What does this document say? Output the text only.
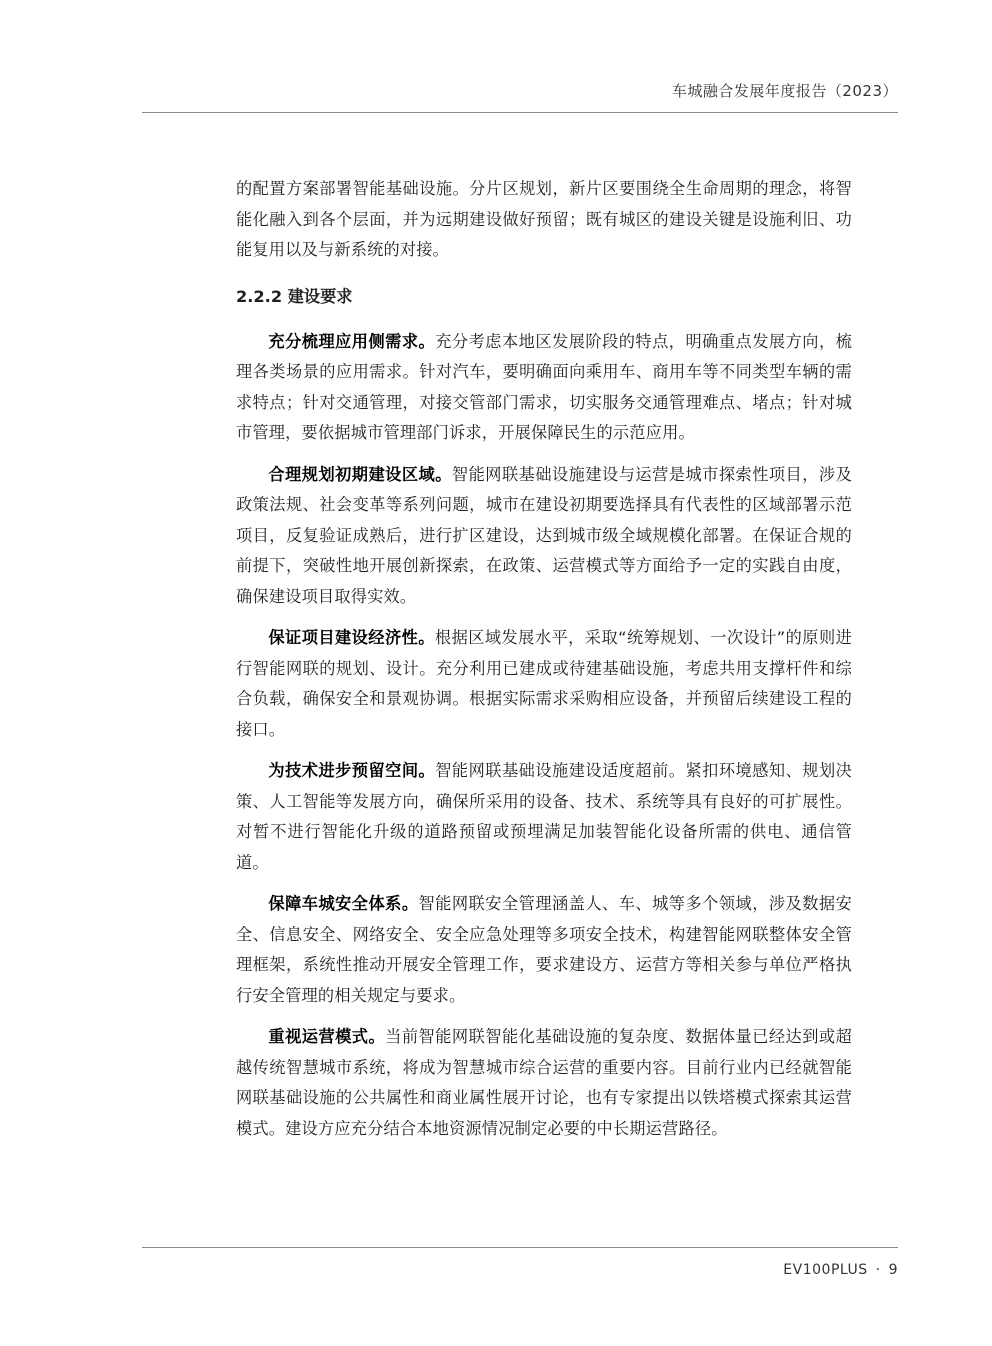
车城融合发展年度报告（2023）

的配置方案部署智能基础设施。分片区规划，新片区要围绕全生命周期的理念，将智能化融入到各个层面，并为远期建设做好预留；既有城区的建设关键是设施利旧、功能复用以及与新系统的对接。

2.2.2 建设要求

充分梳理应用侧需求。充分考虑本地区发展阶段的特点，明确重点发展方向，梳理各类场景的应用需求。针对汽车，要明确面向乘用车、商用车等不同类型车辆的需求特点；针对交通管理，对接交管部门需求，切实服务交通管理难点、堵点；针对城市管理，要依据城市管理部门诉求，开展保障民生的示范应用。

合理规划初期建设区域。智能网联基础设施建设与运营是城市探索性项目，涉及政策法规、社会变革等系列问题，城市在建设初期要选择具有代表性的区域部署示范项目，反复验证成熟后，进行扩区建设，达到城市级全域规模化部署。在保证合规的前提下，突破性地开展创新探索，在政策、运营模式等方面给予一定的实践自由度，确保建设项目取得实效。

保证项目建设经济性。根据区域发展水平，采取“统筹规划、一次设计”的原则进行智能网联的规划、设计。充分利用已建成或待建基础设施，考虑共用支撑杆件和综合负载，确保安全和景观协调。根据实际需求采购相应设备，并预留后续建设工程的接口。

为技术进步预留空间。智能网联基础设施建设适度超前。紧扣环境感知、规划决策、人工智能等发展方向，确保所采用的设备、技术、系统等具有良好的可扩展性。对暂不进行智能化升级的道路预留或预埋满足加装智能化设备所需的供电、通信管道。

保障车城安全体系。智能网联安全管理涵盖人、车、城等多个领域，涉及数据安全、信息安全、网络安全、安全应急处理等多项安全技术，构建智能网联整体安全管理框架，系统性推动开展安全管理工作，要求建设方、运营方等相关参与单位严格执行安全管理的相关规定与要求。

重视运营模式。当前智能网联智能化基础设施的复杂度、数据体量已经达到或超越传统智慧城市系统，将成为智慧城市综合运营的重要内容。目前行业内已经就智能网联基础设施的公共属性和商业属性展开讨论，也有专家提出以铁塔模式探索其运营模式。建设方应充分结合本地资源情况制定必要的中长期运营路径。

EV100PLUS · 9
